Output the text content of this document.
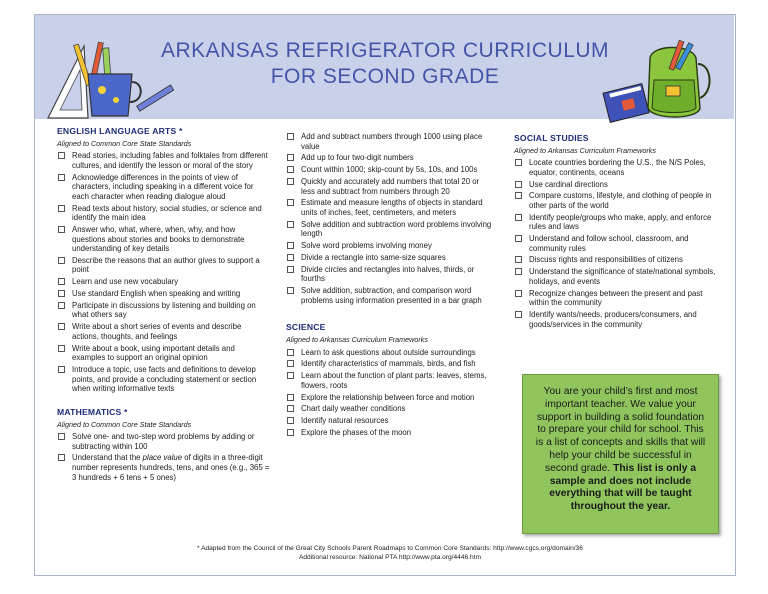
ARKANSAS REFRIGERATOR CURRICULUM
FOR SECOND GRADE
ENGLISH LANGUAGE ARTS *
Aligned to Common Core State Standards
Read stories, including fables and folktales from different cultures, and identify the lesson or moral of the story
Acknowledge differences in the points of view of characters, including speaking in a different voice for each character when reading dialogue aloud
Read texts about history, social studies, or science and identify the main idea
Answer who, what, where, when, why, and how questions about stories and books to demonstrate understanding of key details
Describe the reasons that an author gives to support a point
Learn and use new vocabulary
Use standard English when speaking and writing
Participate in discussions by listening and building on what others say
Write about a short series of events and describe actions, thoughts, and feelings
Write about a book, using important details and examples to support an original opinion
Introduce a topic, use facts and definitions to develop points, and provide a concluding statement or section when writing informative texts
MATHEMATICS *
Aligned to Common Core State Standards
Solve one- and two-step word problems by adding or subtracting within 100
Understand that the place value of digits in a three-digit number represents hundreds, tens, and ones (e.g., 365 = 3 hundreds + 6 tens + 5 ones)
Add and subtract numbers through 1000 using place value
Add up to four two-digit numbers
Count within 1000; skip-count by 5s, 10s, and 100s
Quickly and accurately add numbers that total 20 or less and subtract from numbers through 20
Estimate and measure lengths of objects in standard units of inches, feet, centimeters, and meters
Solve addition and subtraction word problems involving length
Solve word problems involving money
Divide a rectangle into same-size squares
Divide circles and rectangles into halves, thirds, or fourths
Solve addition, subtraction, and comparison word problems using information presented in a bar graph
SCIENCE
Aligned to Arkansas Curriculum Frameworks
Learn to ask questions about outside surroundings
Identify characteristics of mammals, birds, and fish
Learn about the function of plant parts: leaves, stems, flowers, roots
Explore the relationship between force and motion
Chart daily weather conditions
Identify natural resources
Explore the phases of the moon
SOCIAL STUDIES
Aligned to Arkansas Curriculum Frameworks
Locate countries bordering the U.S., the N/S Poles, equator, continents, oceans
Use cardinal directions
Compare customs, lifestyle, and clothing of people in other parts of the world
Identify people/groups who make, apply, and enforce rules and laws
Understand and follow school, classroom, and community rules
Discuss rights and responsibilities of citizens
Understand the significance of state/national symbols, holidays, and events
Recognize changes between the present and past within the community
Identify wants/needs, producers/consumers, and goods/services in the community

You are your child’s first and most important teacher. We value your support in building a solid foundation to prepare your child for school. This is a list of concepts and skills that will help your child be successful in second grade. This list is only a sample and does not include everything that will be taught throughout the year.

* Adapted from the Council of the Great City Schools Parent Roadmaps to Common Core Standards: http://www.cgcs.org/domain/36
Additional resource: National PTA http://www.pta.org/4446.htm
